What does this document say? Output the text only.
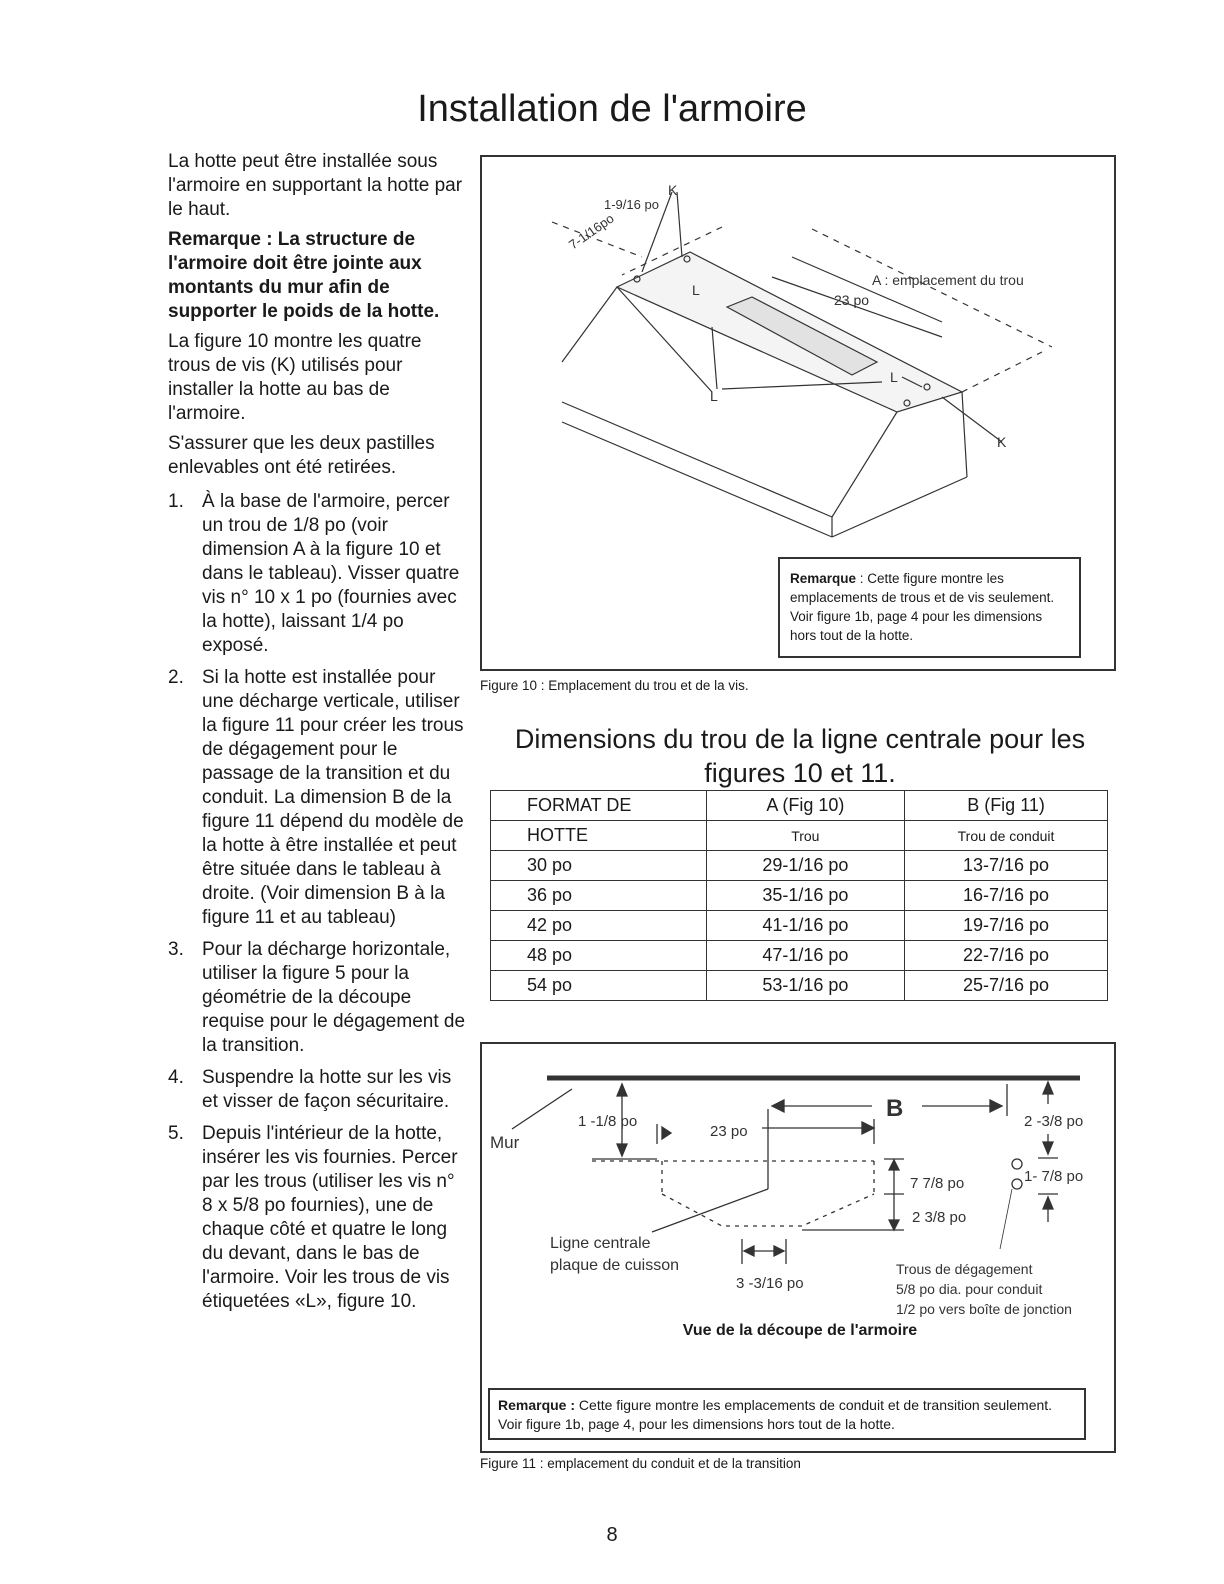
Installation de l'armoire

La hotte peut être installée sous l'armoire en supportant la hotte par le haut.

Remarque : La structure de l'armoire doit être jointe aux montants du mur afin de supporter le poids de la hotte.

La figure 10 montre les quatre trous de vis (K) utilisés pour installer la hotte au bas de l'armoire.

S'assurer que les deux pastilles enlevables ont été retirées.

1. À la base de l'armoire, percer un trou de 1/8 po (voir dimension A à la figure 10 et dans le tableau). Visser quatre vis n° 10 x 1 po (fournies avec la hotte), laissant 1/4 po exposé.
2. Si la hotte est installée pour une décharge verticale, utiliser la figure 11 pour créer les trous de dégagement pour le passage de la transition et du conduit. La dimension B de la figure 11 dépend du modèle de la hotte à être installée et peut être située dans le tableau à droite. (Voir dimension B à la figure 11 et au tableau)
3. Pour la décharge horizontale, utiliser la figure 5 pour la géométrie de la découpe requise pour le dégagement de la transition.
4. Suspendre la hotte sur les vis et visser de façon sécuritaire.
5. Depuis l'intérieur de la hotte, insérer les vis fournies. Percer par les trous (utiliser les vis n° 8 x 5/8 po fournies), une de chaque côté et quatre le long du devant, dans le bas de l'armoire. Voir les trous de vis étiquetées «L», figure 10.
K
1-9/16 po
7-1/16po
A : emplacement du trou
23 po
L
L
L
K
Remarque : Cette figure montre les emplacements de trous et de vis seulement. Voir figure 1b, page 4 pour les dimensions hors tout de la hotte.
Figure 10 : Emplacement du trou et de la vis.
Dimensions du trou de la ligne centrale pour les figures 10 et 11.
FORMAT DE	A (Fig 10)	B (Fig 11)
HOTTE	Trou	Trou de conduit
30 po	29-1/16 po	13-7/16 po
36 po	35-1/16 po	16-7/16 po
42 po	41-1/16 po	19-7/16 po
48 po	47-1/16 po	22-7/16 po
54 po	53-1/16 po	25-7/16 po
Mur
1 -1/8 po
23 po
B	2 -3/8 po
1- 7/8 po
7 7/8 po
2 3/8 po
Ligne centrale
plaque de cuisson
3 -3/16 po
Trous de dégagement
5/8 po dia. pour conduit
1/2 po vers boîte de jonction
Vue de la découpe de l'armoire
Remarque : Cette figure montre les emplacements de conduit et de transition seulement. Voir figure 1b, page 4, pour les dimensions hors tout de la hotte.
Figure 11 : emplacement du conduit et de la transition
8
